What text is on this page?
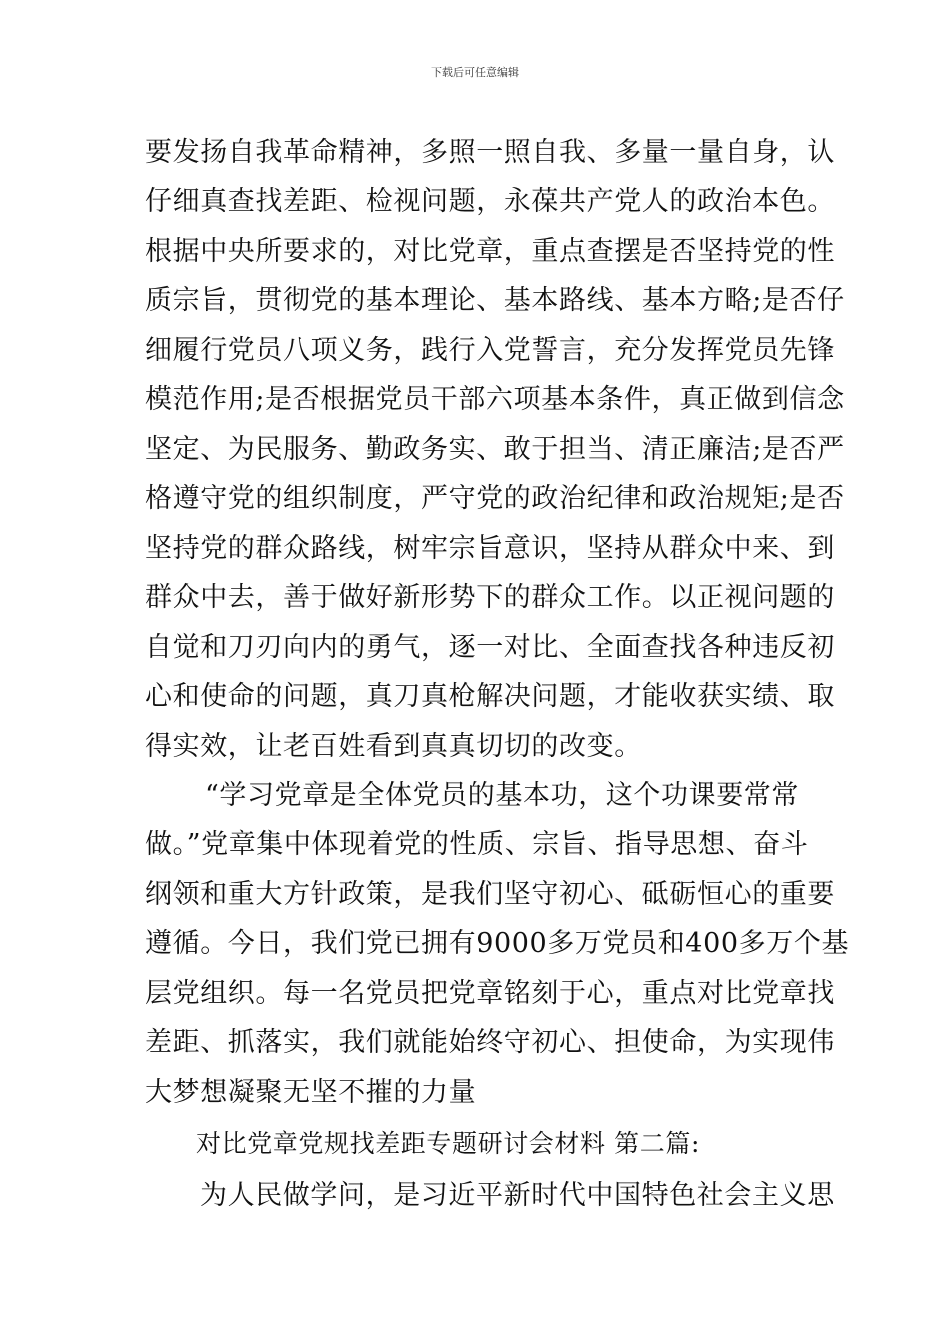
下载后可任意编辑
要发扬自我革命精神，多照一照自我、多量一量自身，认
仔细真查找差距、检视问题，永葆共产党人的政治本色。
根据中央所要求的，对比党章，重点查摆是否坚持党的性
质宗旨，贯彻党的基本理论、基本路线、基本方略;是否仔
细履行党员八项义务，践行入党誓言，充分发挥党员先锋
模范作用;是否根据党员干部六项基本条件，真正做到信念
坚定、为民服务、勤政务实、敢于担当、清正廉洁;是否严
格遵守党的组织制度，严守党的政治纪律和政治规矩;是否
坚持党的群众路线，树牢宗旨意识，坚持从群众中来、到
群众中去，善于做好新形势下的群众工作。以正视问题的
自觉和刀刃向内的勇气，逐一对比、全面查找各种违反初
心和使命的问题，真刀真枪解决问题，才能收获实绩、取
得实效，让老百姓看到真真切切的改变。
“学习党章是全体党员的基本功，这个功课要常常
做。”党章集中体现着党的性质、宗旨、指导思想、奋斗
纲领和重大方针政策，是我们坚守初心、砥砺恒心的重要
遵循。今日，我们党已拥有9000多万党员和400多万个基
层党组织。每一名党员把党章铭刻于心，重点对比党章找
差距、抓落实，我们就能始终守初心、担使命，为实现伟
大梦想凝聚无坚不摧的力量
对比党章党规找差距专题研讨会材料 第二篇:
为人民做学问，是习近平新时代中国特色社会主义思
